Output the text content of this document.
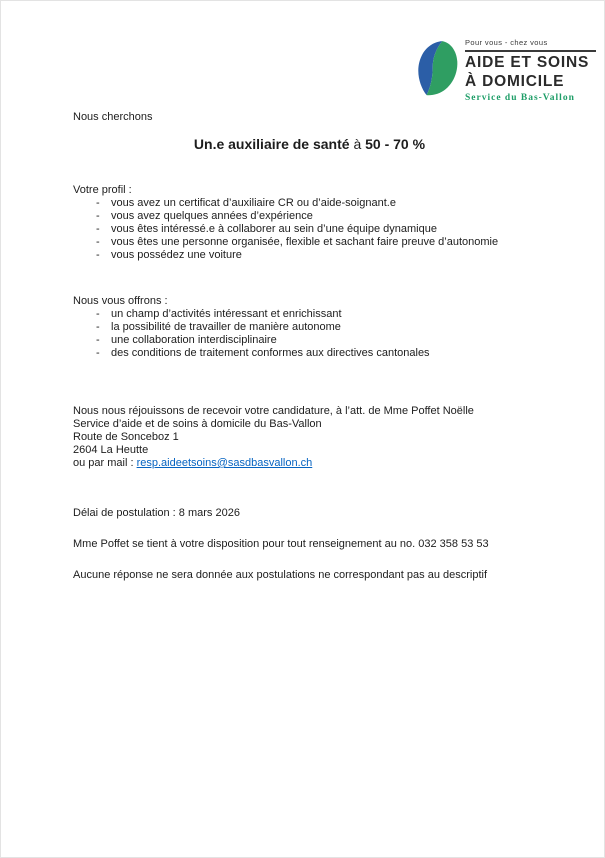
Pour vous - chez vous
AIDE ET SOINS
À DOMICILE
Service du Bas-Vallon
Nous cherchons
Un.e auxiliaire de santé à 50 - 70 %
Votre profil :
-	vous avez un certificat d’auxiliaire CR ou d’aide-soignant.e
-	vous avez quelques années d’expérience
-	vous êtes intéressé.e à collaborer au sein d’une équipe dynamique
-	vous êtes une personne organisée, flexible et sachant faire preuve d’autonomie
-	vous possédez une voiture
Nous vous offrons :
-	un champ d’activités intéressant et enrichissant
-	la possibilité de travailler de manière autonome
-	une collaboration interdisciplinaire
-	des conditions de traitement conformes aux directives cantonales
Nous nous réjouissons de recevoir votre candidature, à l’att. de Mme Poffet Noëlle
Service d’aide et de soins à domicile du Bas-Vallon
Route de Sonceboz 1
2604 La Heutte
ou par mail : resp.aideetsoins@sasdbasvallon.ch
Délai de postulation : 8 mars 2026
Mme Poffet se tient à votre disposition pour tout renseignement au no. 032 358 53 53
Aucune réponse ne sera donnée aux postulations ne correspondant pas au descriptif
